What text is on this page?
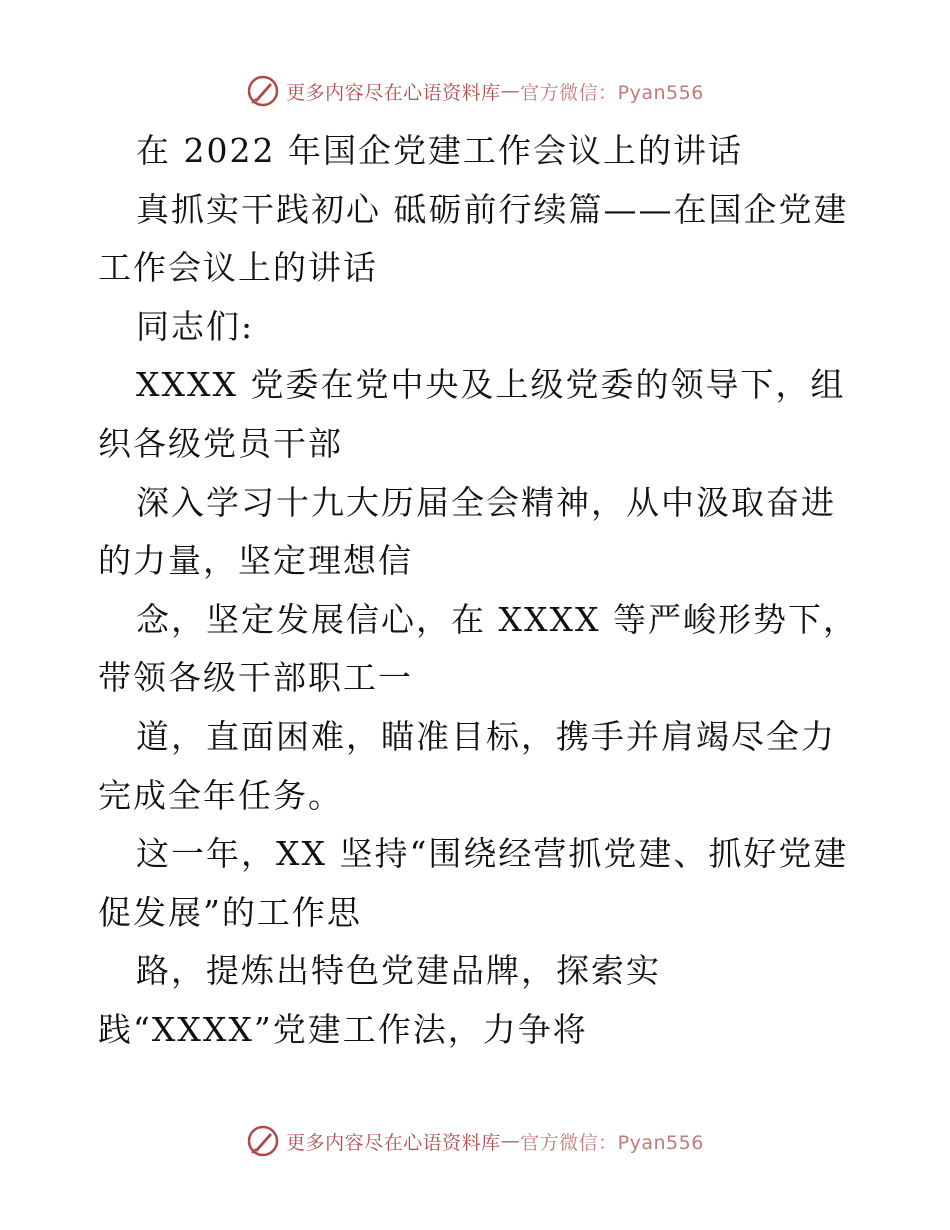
更多内容尽在心语资料库 — 官方微信：Pyan556

在 2022 年国企党建工作会议上的讲话

真抓实干践初心 砥砺前行续篇——在国企党建工作会议上的讲话

同志们:

XXXX 党委在党中央及上级党委的领导下，组织各级党员干部

深入学习十九大历届全会精神，从中汲取奋进的力量，坚定理想信

念，坚定发展信心，在 XXXX 等严峻形势下，带领各级干部职工一

道，直面困难，瞄准目标，携手并肩竭尽全力完成全年任务。

这一年，XX 坚持“围绕经营抓党建、抓好党建促发展”的工作思

路，提炼出特色党建品牌，探索实践“XXXX”党建工作法，力争将

更多内容尽在心语资料库 — 官方微信：Pyan556
